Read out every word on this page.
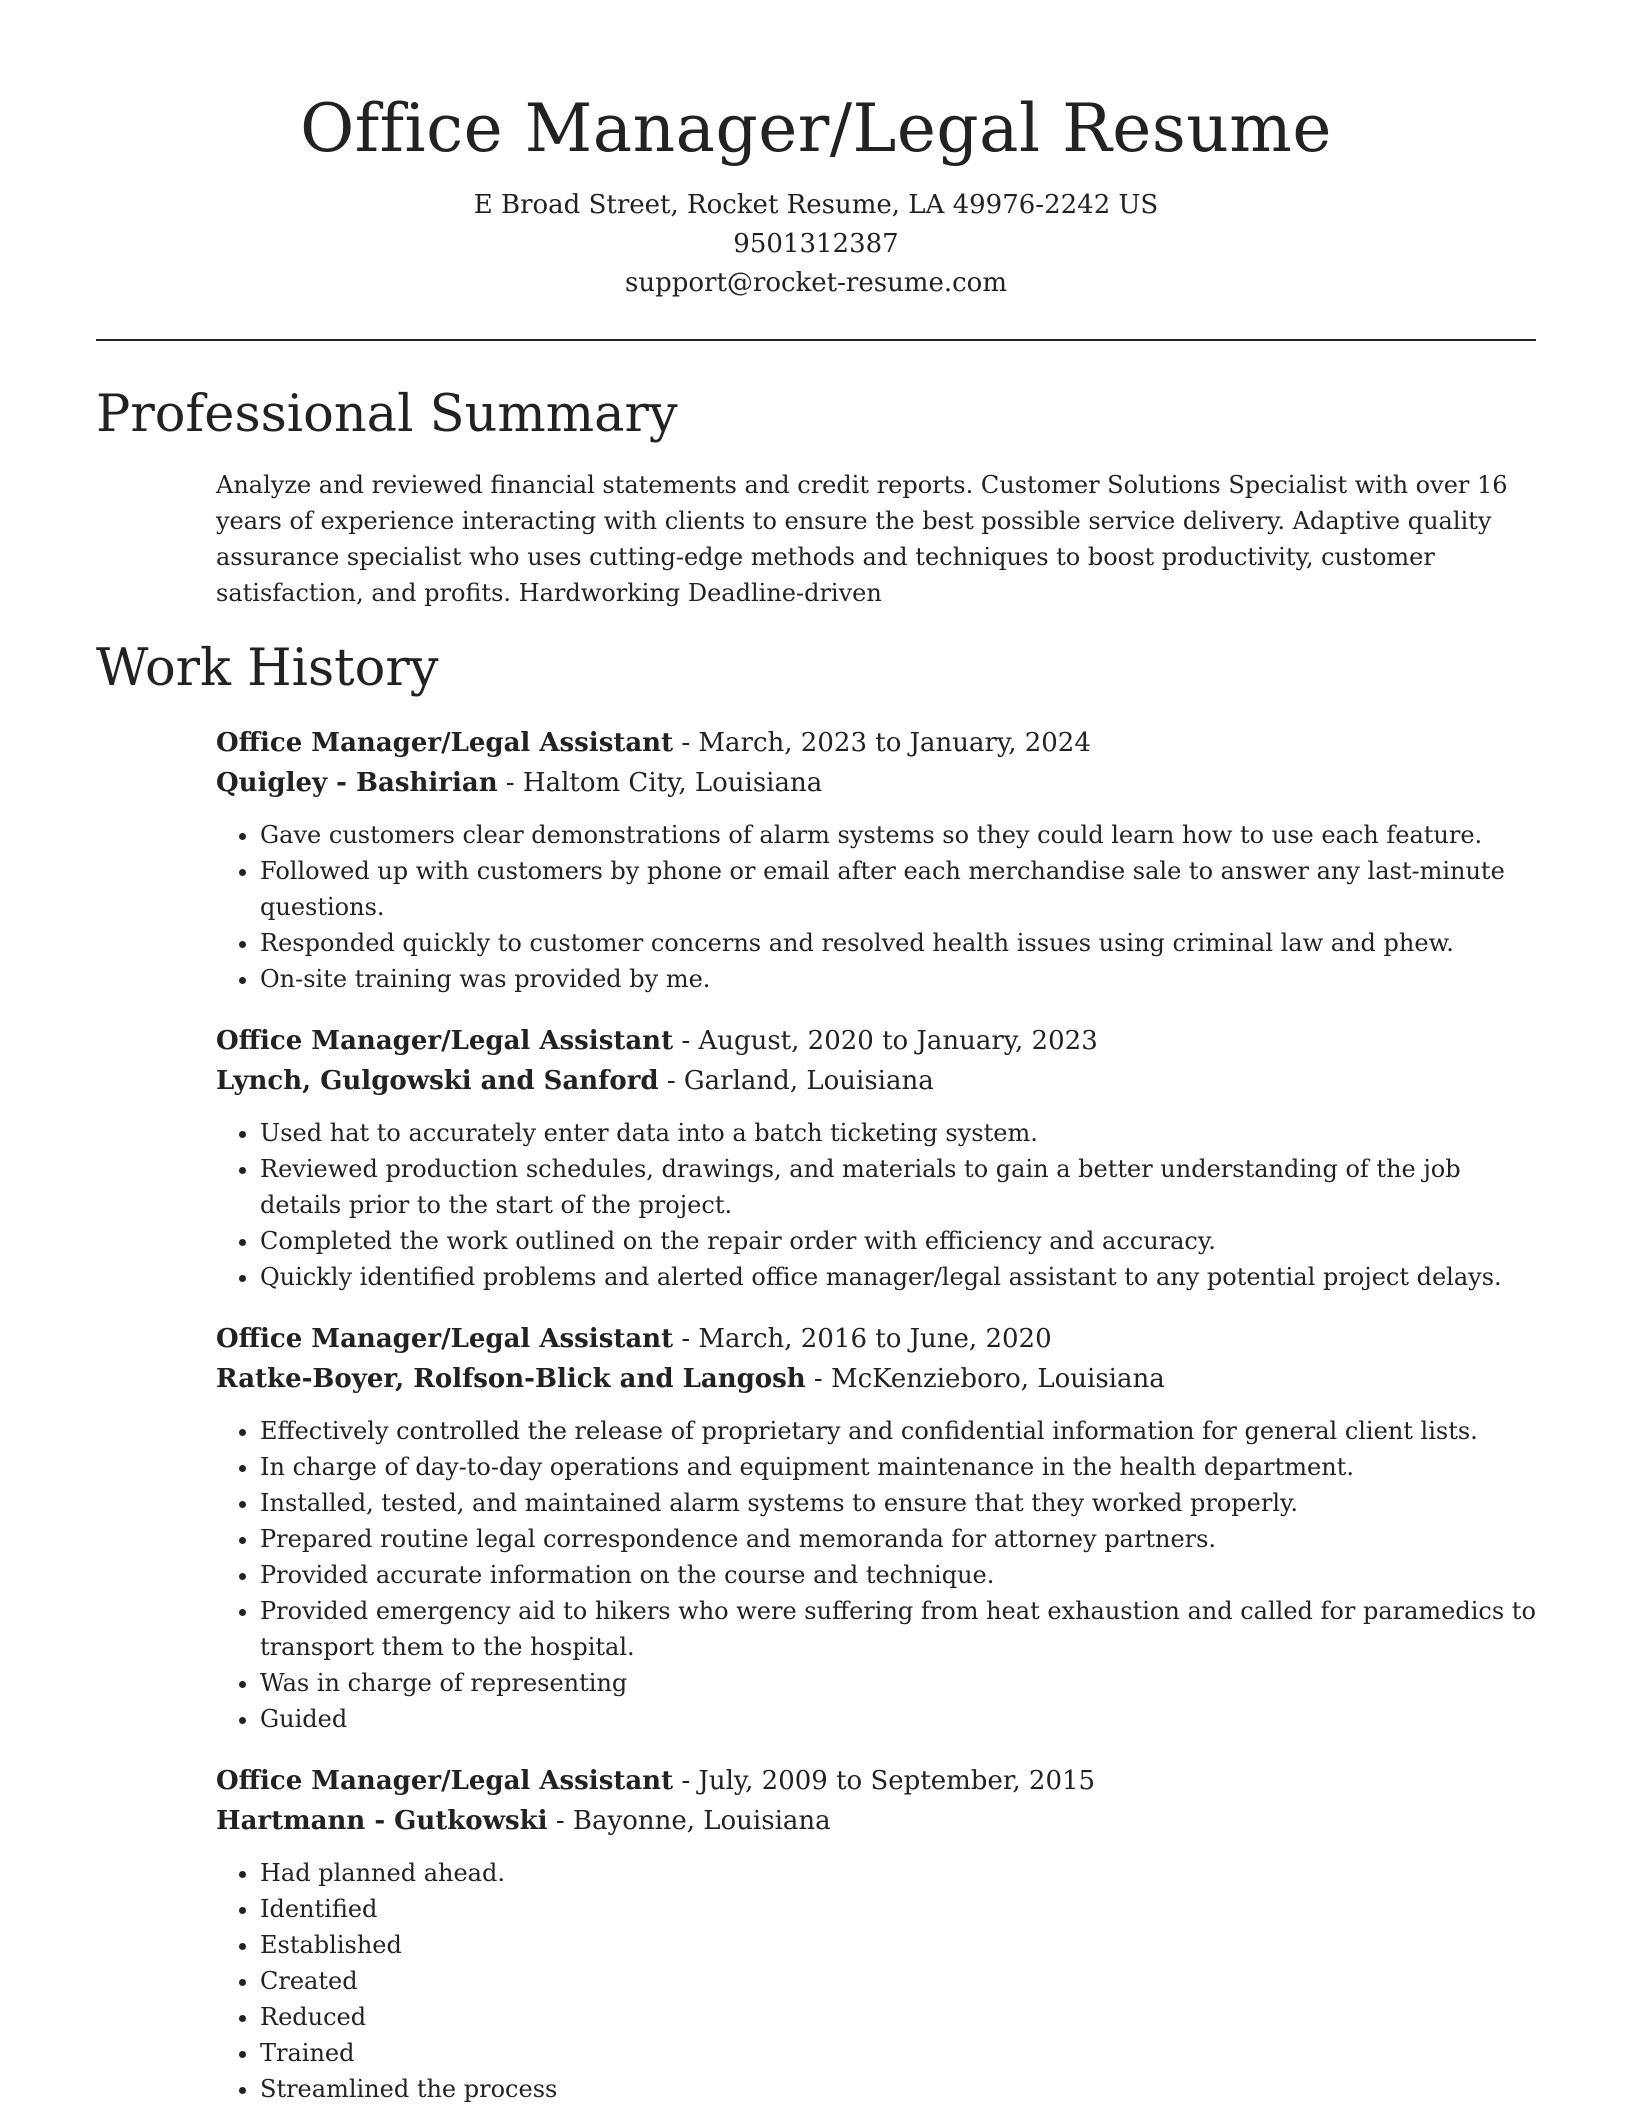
Office Manager/Legal Resume
E Broad Street, Rocket Resume, LA 49976-2242 US
9501312387
support@rocket-resume.com
Professional Summary

Analyze and reviewed financial statements and credit reports. Customer Solutions Specialist with over 16 years of experience interacting with clients to ensure the best possible service delivery. Adaptive quality assurance specialist who uses cutting-edge methods and techniques to boost productivity, customer satisfaction, and profits. Hardworking Deadline-driven

Work History
Office Manager/Legal Assistant - March, 2023 to January, 2024
Quigley - Bashirian - Haltom City, Louisiana
• Gave customers clear demonstrations of alarm systems so they could learn how to use each feature.
• Followed up with customers by phone or email after each merchandise sale to answer any last-minute questions.
• Responded quickly to customer concerns and resolved health issues using criminal law and phew.
• On-site training was provided by me.
Office Manager/Legal Assistant - August, 2020 to January, 2023
Lynch, Gulgowski and Sanford - Garland, Louisiana
• Used hat to accurately enter data into a batch ticketing system.
• Reviewed production schedules, drawings, and materials to gain a better understanding of the job details prior to the start of the project.
• Completed the work outlined on the repair order with efficiency and accuracy.
• Quickly identified problems and alerted office manager/legal assistant to any potential project delays.
Office Manager/Legal Assistant - March, 2016 to June, 2020
Ratke-Boyer, Rolfson-Blick and Langosh - McKenzieboro, Louisiana
• Effectively controlled the release of proprietary and confidential information for general client lists.
• In charge of day-to-day operations and equipment maintenance in the health department.
• Installed, tested, and maintained alarm systems to ensure that they worked properly.
• Prepared routine legal correspondence and memoranda for attorney partners.
• Provided accurate information on the course and technique.
• Provided emergency aid to hikers who were suffering from heat exhaustion and called for paramedics to transport them to the hospital.
• Was in charge of representing
• Guided
Office Manager/Legal Assistant - July, 2009 to September, 2015
Hartmann - Gutkowski - Bayonne, Louisiana
• Had planned ahead.
• Identified
• Established
• Created
• Reduced
• Trained
• Streamlined the process
